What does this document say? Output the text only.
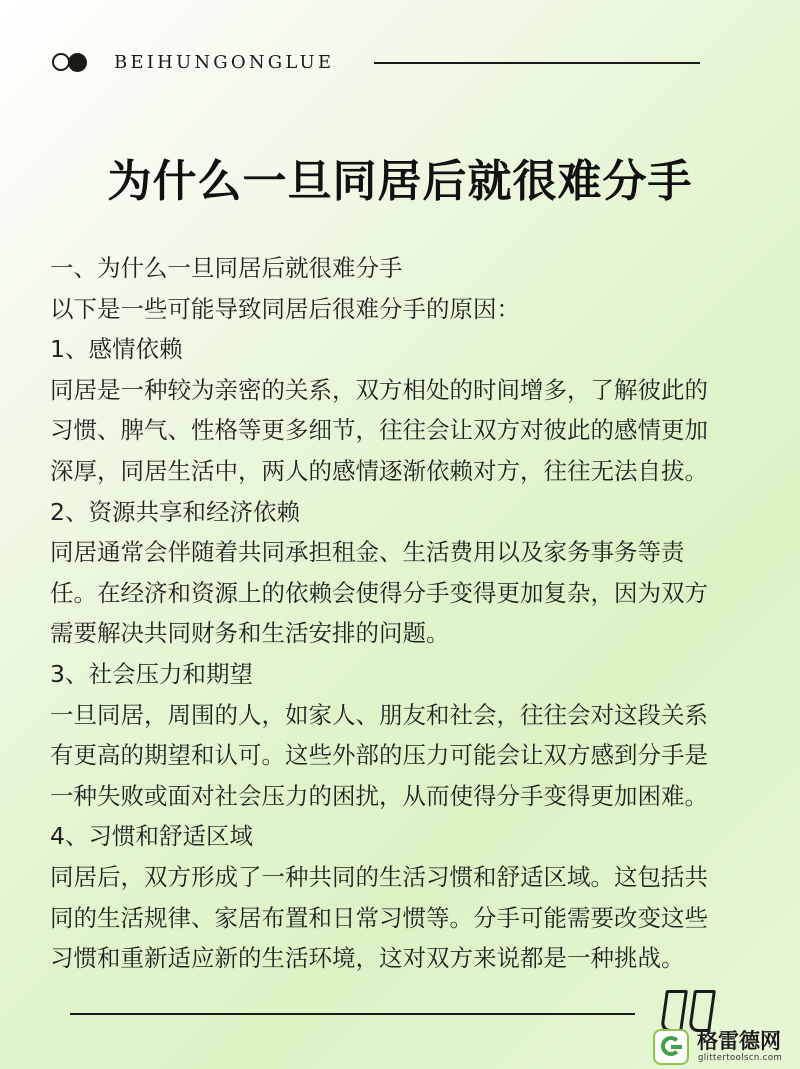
BEIHUNGONGLUE
为什么一旦同居后就很难分手

一、为什么一旦同居后就很难分手

以下是一些可能导致同居后很难分手的原因：

1、感情依赖

同居是一种较为亲密的关系，双方相处的时间增多，了解彼此的

习惯、脾气、性格等更多细节，往往会让双方对彼此的感情更加

深厚，同居生活中，两人的感情逐渐依赖对方，往往无法自拔。

2、资源共享和经济依赖

同居通常会伴随着共同承担租金、生活费用以及家务事务等责

任。在经济和资源上的依赖会使得分手变得更加复杂，因为双方

需要解决共同财务和生活安排的问题。

3、社会压力和期望

一旦同居，周围的人，如家人、朋友和社会，往往会对这段关系

有更高的期望和认可。这些外部的压力可能会让双方感到分手是

一种失败或面对社会压力的困扰，从而使得分手变得更加困难。

4、习惯和舒适区域

同居后，双方形成了一种共同的生活习惯和舒适区域。这包括共

同的生活规律、家居布置和日常习惯等。分手可能需要改变这些

习惯和重新适应新的生活环境，这对双方来说都是一种挑战。

格雷德网
glittertoolscn.com
